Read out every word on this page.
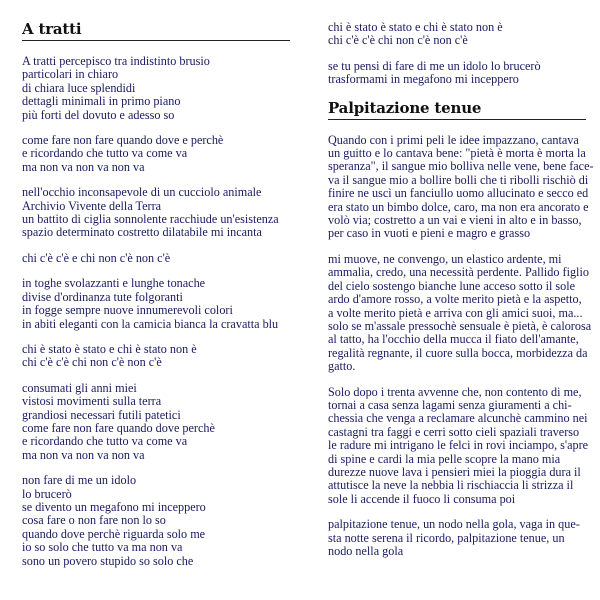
A tratti
A tratti percepisco tra indistinto brusio
particolari in chiaro
di chiara luce splendidi
dettagli minimali in primo piano
più forti del dovuto e adesso so
come fare non fare quando dove e perchè
e ricordando che tutto va come va
ma non va non va non va
nell'occhio inconsapevole di un cucciolo animale
Archivio Vivente della Terra
un battito di ciglia sonnolente racchiude un'esistenza
spazio determinato costretto dilatabile mi incanta
chi c'è c'è e chi non c'è non c'è
in toghe svolazzanti e lunghe tonache
divise d'ordinanza tute folgoranti
in fogge sempre nuove innumerevoli colori
in abiti eleganti con la camicia bianca la cravatta blu
chi è stato è stato e chi è stato non è
chi c'è c'è chi non c'è non c'è
consumati gli anni miei
vistosi movimenti sulla terra
grandiosi necessari futili patetici
come fare non fare quando dove perchè
e ricordando che tutto va come va
ma non va non va non va
non fare di me un idolo
lo brucerò
se divento un megafono mi inceppero
cosa fare o non fare non lo so
quando dove perchè riguarda solo me
io so solo che tutto va ma non va
sono un povero stupido so solo che
chi è stato è stato e chi è stato non è
chi c'è c'è chi non c'è non c'è
se tu pensi di fare di me un idolo lo brucerò
trasformami in megafono mi inceppero
Palpitazione tenue
Quando con i primi peli le idee impazzano, cantava
un guitto e lo cantava bene: "pietà è morta è morta la
speranza", il sangue mio bolliva nelle vene, bene face-
va il sangue mio a bollire bolli che ti ribolli rischiò di
finire ne uscì un fanciullo uomo allucinato e secco ed
era stato un bimbo dolce, caro, ma non era ancorato e
volò via; costretto a un vai e vieni in alto e in basso,
per caso in vuoti e pieni e magro e grasso
mi muove, ne convengo, un elastico ardente, mi
ammalia, credo, una necessità perdente. Pallido figlio
del cielo sostengo bianche lune acceso sotto il sole
ardo d'amore rosso, a volte merito pietà e la aspetto,
a volte merito pietà e arriva con gli amici suoi, ma...
solo se m'assale pressochè sensuale è pietà, è calorosa
al tatto, ha l'occhio della mucca il fiato dell'amante,
regalità regnante, il cuore sulla bocca, morbidezza da
gatto.
Solo dopo i trenta avvenne che, non contento di me,
tornai a casa senza lagami senza giuramenti a chi-
chessia che venga a reclamare alcunchè cammino nei
castagni tra faggi e cerri sotto cieli spaziali traverso
le radure mi intrigano le felci in rovi inciampo, s'apre
di spine e cardi la mia pelle scopre la mano mia
durezze nuove lava i pensieri miei la pioggia dura il
attutisce la neve la nebbia li rischiaccia li strizza il
sole li accende il fuoco li consuma poi
palpitazione tenue, un nodo nella gola, vaga in que-
sta notte serena il ricordo, palpitazione tenue, un
nodo nella gola
